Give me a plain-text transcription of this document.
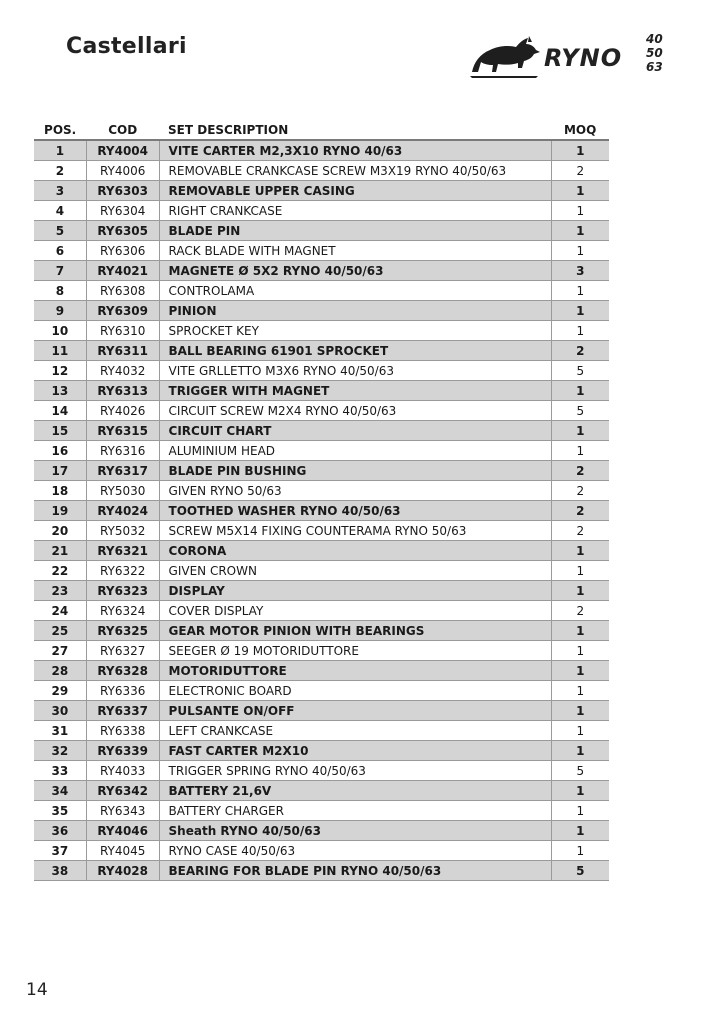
Castellari	RYNO
40
50
63
POS.	COD	SET DESCRIPTION	MOQ
1	RY4004	VITE CARTER M2,3X10 RYNO 40/63	1
2	RY4006	REMOVABLE CRANKCASE SCREW M3X19 RYNO 40/50/63	2
3	RY6303	REMOVABLE UPPER CASING	1
4	RY6304	RIGHT CRANKCASE	1
5	RY6305	BLADE PIN	1
6	RY6306	RACK BLADE WITH MAGNET	1
7	RY4021	MAGNETE Ø 5X2 RYNO 40/50/63	3
8	RY6308	CONTROLAMA	1
9	RY6309	PINION	1
10	RY6310	SPROCKET KEY	1
11	RY6311	BALL BEARING 61901 SPROCKET	2
12	RY4032	VITE GRLLETTO M3X6 RYNO 40/50/63	5
13	RY6313	TRIGGER WITH MAGNET	1
14	RY4026	CIRCUIT SCREW M2X4 RYNO 40/50/63	5
15	RY6315	CIRCUIT CHART	1
16	RY6316	ALUMINIUM HEAD	1
17	RY6317	BLADE PIN BUSHING	2
18	RY5030	GIVEN RYNO 50/63	2
19	RY4024	TOOTHED WASHER RYNO 40/50/63	2
20	RY5032	SCREW M5X14 FIXING COUNTERAMA RYNO 50/63	2
21	RY6321	CORONA	1
22	RY6322	GIVEN CROWN	1
23	RY6323	DISPLAY	1
24	RY6324	COVER DISPLAY	2
25	RY6325	GEAR MOTOR PINION WITH BEARINGS	1
27	RY6327	SEEGER Ø 19 MOTORIDUTTORE	1
28	RY6328	MOTORIDUTTORE	1
29	RY6336	ELECTRONIC BOARD	1
30	RY6337	PULSANTE ON/OFF	1
31	RY6338	LEFT CRANKCASE	1
32	RY6339	FAST CARTER M2X10	1
33	RY4033	TRIGGER SPRING RYNO 40/50/63	5
34	RY6342	BATTERY 21,6V	1
35	RY6343	BATTERY CHARGER	1
36	RY4046	Sheath RYNO 40/50/63	1
37	RY4045	RYNO CASE 40/50/63	1
38	RY4028	BEARING FOR BLADE PIN RYNO 40/50/63	5
14
